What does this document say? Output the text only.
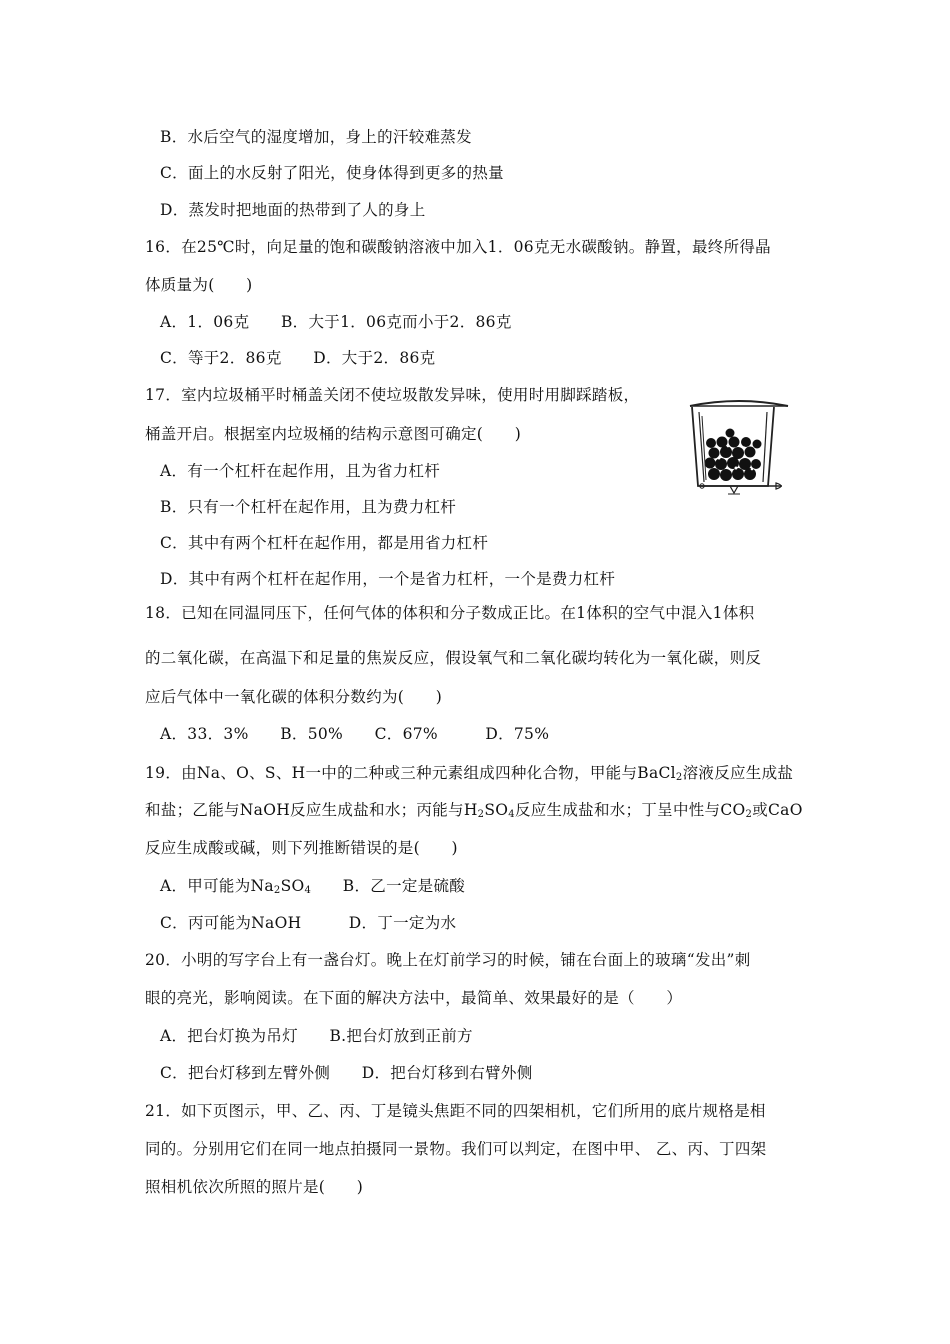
B．水后空气的湿度增加，身上的汗较难蒸发
C．面上的水反射了阳光，使身体得到更多的热量
D．蒸发时把地面的热带到了人的身上
16．在25℃时，向足量的饱和碳酸钠溶液中加入1．06克无水碳酸钠。静置，最终所得晶
体质量为(　　)
A．1．06克　　B．大于1．06克而小于2．86克
C．等于2．86克　　D．大于2．86克
17．室内垃圾桶平时桶盖关闭不使垃圾散发异味，使用时用脚踩踏板，
桶盖开启。根据室内垃圾桶的结构示意图可确定(　　)
A．有一个杠杆在起作用，且为省力杠杆
B．只有一个杠杆在起作用，且为费力杠杆
C．其中有两个杠杆在起作用，都是用省力杠杆
D．其中有两个杠杆在起作用，一个是省力杠杆，一个是费力杠杆
18．已知在同温同压下，任何气体的体积和分子数成正比。在1体积的空气中混入1体积
的二氧化碳，在高温下和足量的焦炭反应，假设氧气和二氧化碳均转化为一氧化碳，则反
应后气体中一氧化碳的体积分数约为(　　)
A．33．3%　　B．50%　　C．67%　　　D．75%
19．由Na、O、S、H一中的二种或三种元素组成四种化合物，甲能与BaCl$_2$溶液反应生成盐
和盐；乙能与NaOH反应生成盐和水；丙能与$H_2SO_4$反应生成盐和水；丁呈中性与$CO_2$或CaO
反应生成酸或碱，则下列推断错误的是(　　)
A．甲可能为$Na_2SO_4$　　B．乙一定是硫酸
C．丙可能为NaOH　　　D．丁一定为水
20．小明的写字台上有一盏台灯。晚上在灯前学习的时候，铺在台面上的玻璃“发出”刺
眼的亮光，影响阅读。在下面的解决方法中，最简单、效果最好的是（　　）
A．把台灯换为吊灯　　B.把台灯放到正前方
C．把台灯移到左臂外侧　　D．把台灯移到右臂外侧
21．如下页图示，甲、乙、丙、丁是镜头焦距不同的四架相机，它们所用的底片规格是相
同的。分别用它们在同一地点拍摄同一景物。我们可以判定，在图中甲、 乙、丙、丁四架
照相机依次所照的照片是(　　)
